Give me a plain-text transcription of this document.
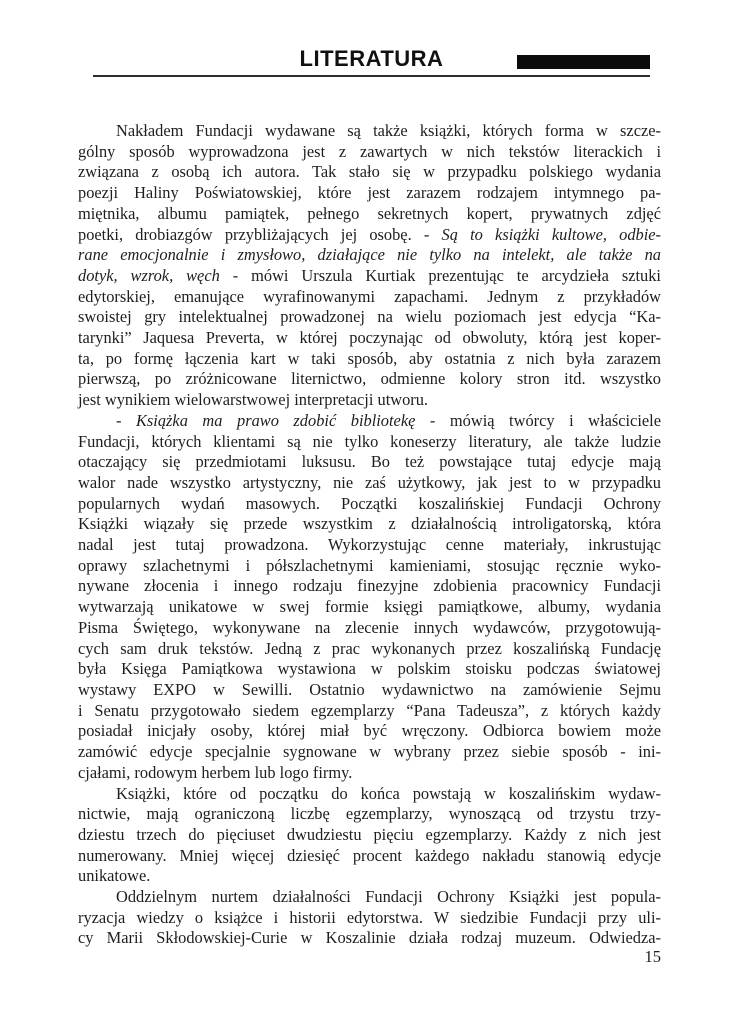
LITERATURA
Nakładem Fundacji wydawane są także książki, których forma w szcze-
gólny sposób wyprowadzona jest z zawartych w nich tekstów literackich i
związana z osobą ich autora. Tak stało się w przypadku polskiego wydania
poezji Haliny Poświatowskiej, które jest zarazem rodzajem intymnego pa-
miętnika, albumu pamiątek, pełnego sekretnych kopert, prywatnych zdjęć
poetki, drobiazgów przybliżających jej osobę. - Są to książki kultowe, odbie-
rane emocjonalnie i zmysłowo, działające nie tylko na intelekt, ale także na
dotyk, wzrok, węch - mówi Urszula Kurtiak prezentując te arcydzieła sztuki
edytorskiej, emanujące wyrafinowanymi zapachami. Jednym z przykładów
swoistej gry intelektualnej prowadzonej na wielu poziomach jest edycja “Ka-
tarynki” Jaquesa Preverta, w której poczynając od obwoluty, którą jest koper-
ta, po formę łączenia kart w taki sposób, aby ostatnia z nich była zarazem
pierwszą, po zróżnicowane liternictwo, odmienne kolory stron itd. wszystko
jest wynikiem wielowarstwowej interpretacji utworu.
- Książka ma prawo zdobić bibliotekę - mówią twórcy i właściciele
Fundacji, których klientami są nie tylko koneserzy literatury, ale także ludzie
otaczający się przedmiotami luksusu. Bo też powstające tutaj edycje mają
walor nade wszystko artystyczny, nie zaś użytkowy, jak jest to w przypadku
popularnych wydań masowych. Początki koszalińskiej Fundacji Ochrony
Książki wiązały się przede wszystkim z działalnością introligatorską, która
nadal jest tutaj prowadzona. Wykorzystując cenne materiały, inkrustując
oprawy szlachetnymi i półszlachetnymi kamieniami, stosując ręcznie wyko-
nywane złocenia i innego rodzaju finezyjne zdobienia pracownicy Fundacji
wytwarzają unikatowe w swej formie księgi pamiątkowe, albumy, wydania
Pisma Świętego, wykonywane na zlecenie innych wydawców, przygotowują-
cych sam druk tekstów. Jedną z prac wykonanych przez koszalińską Fundację
była Księga Pamiątkowa wystawiona w polskim stoisku podczas światowej
wystawy EXPO w Sewilli. Ostatnio wydawnictwo na zamówienie Sejmu
i Senatu przygotowało siedem egzemplarzy “Pana Tadeusza”, z których każdy
posiadał inicjały osoby, której miał być wręczony. Odbiorca bowiem może
zamówić edycje specjalnie sygnowane w wybrany przez siebie sposób - ini-
cjałami, rodowym herbem lub logo firmy.
Książki, które od początku do końca powstają w koszalińskim wydaw-
nictwie, mają ograniczoną liczbę egzemplarzy, wynoszącą od trzystu trzy-
dziestu trzech do pięciuset dwudziestu pięciu egzemplarzy. Każdy z nich jest
numerowany. Mniej więcej dziesięć procent każdego nakładu stanowią edycje
unikatowe.
Oddzielnym nurtem działalności Fundacji Ochrony Książki jest popula-
ryzacja wiedzy o książce i historii edytorstwa. W siedzibie Fundacji przy uli-
cy Marii Skłodowskiej-Curie w Koszalinie działa rodzaj muzeum. Odwiedza-
15
